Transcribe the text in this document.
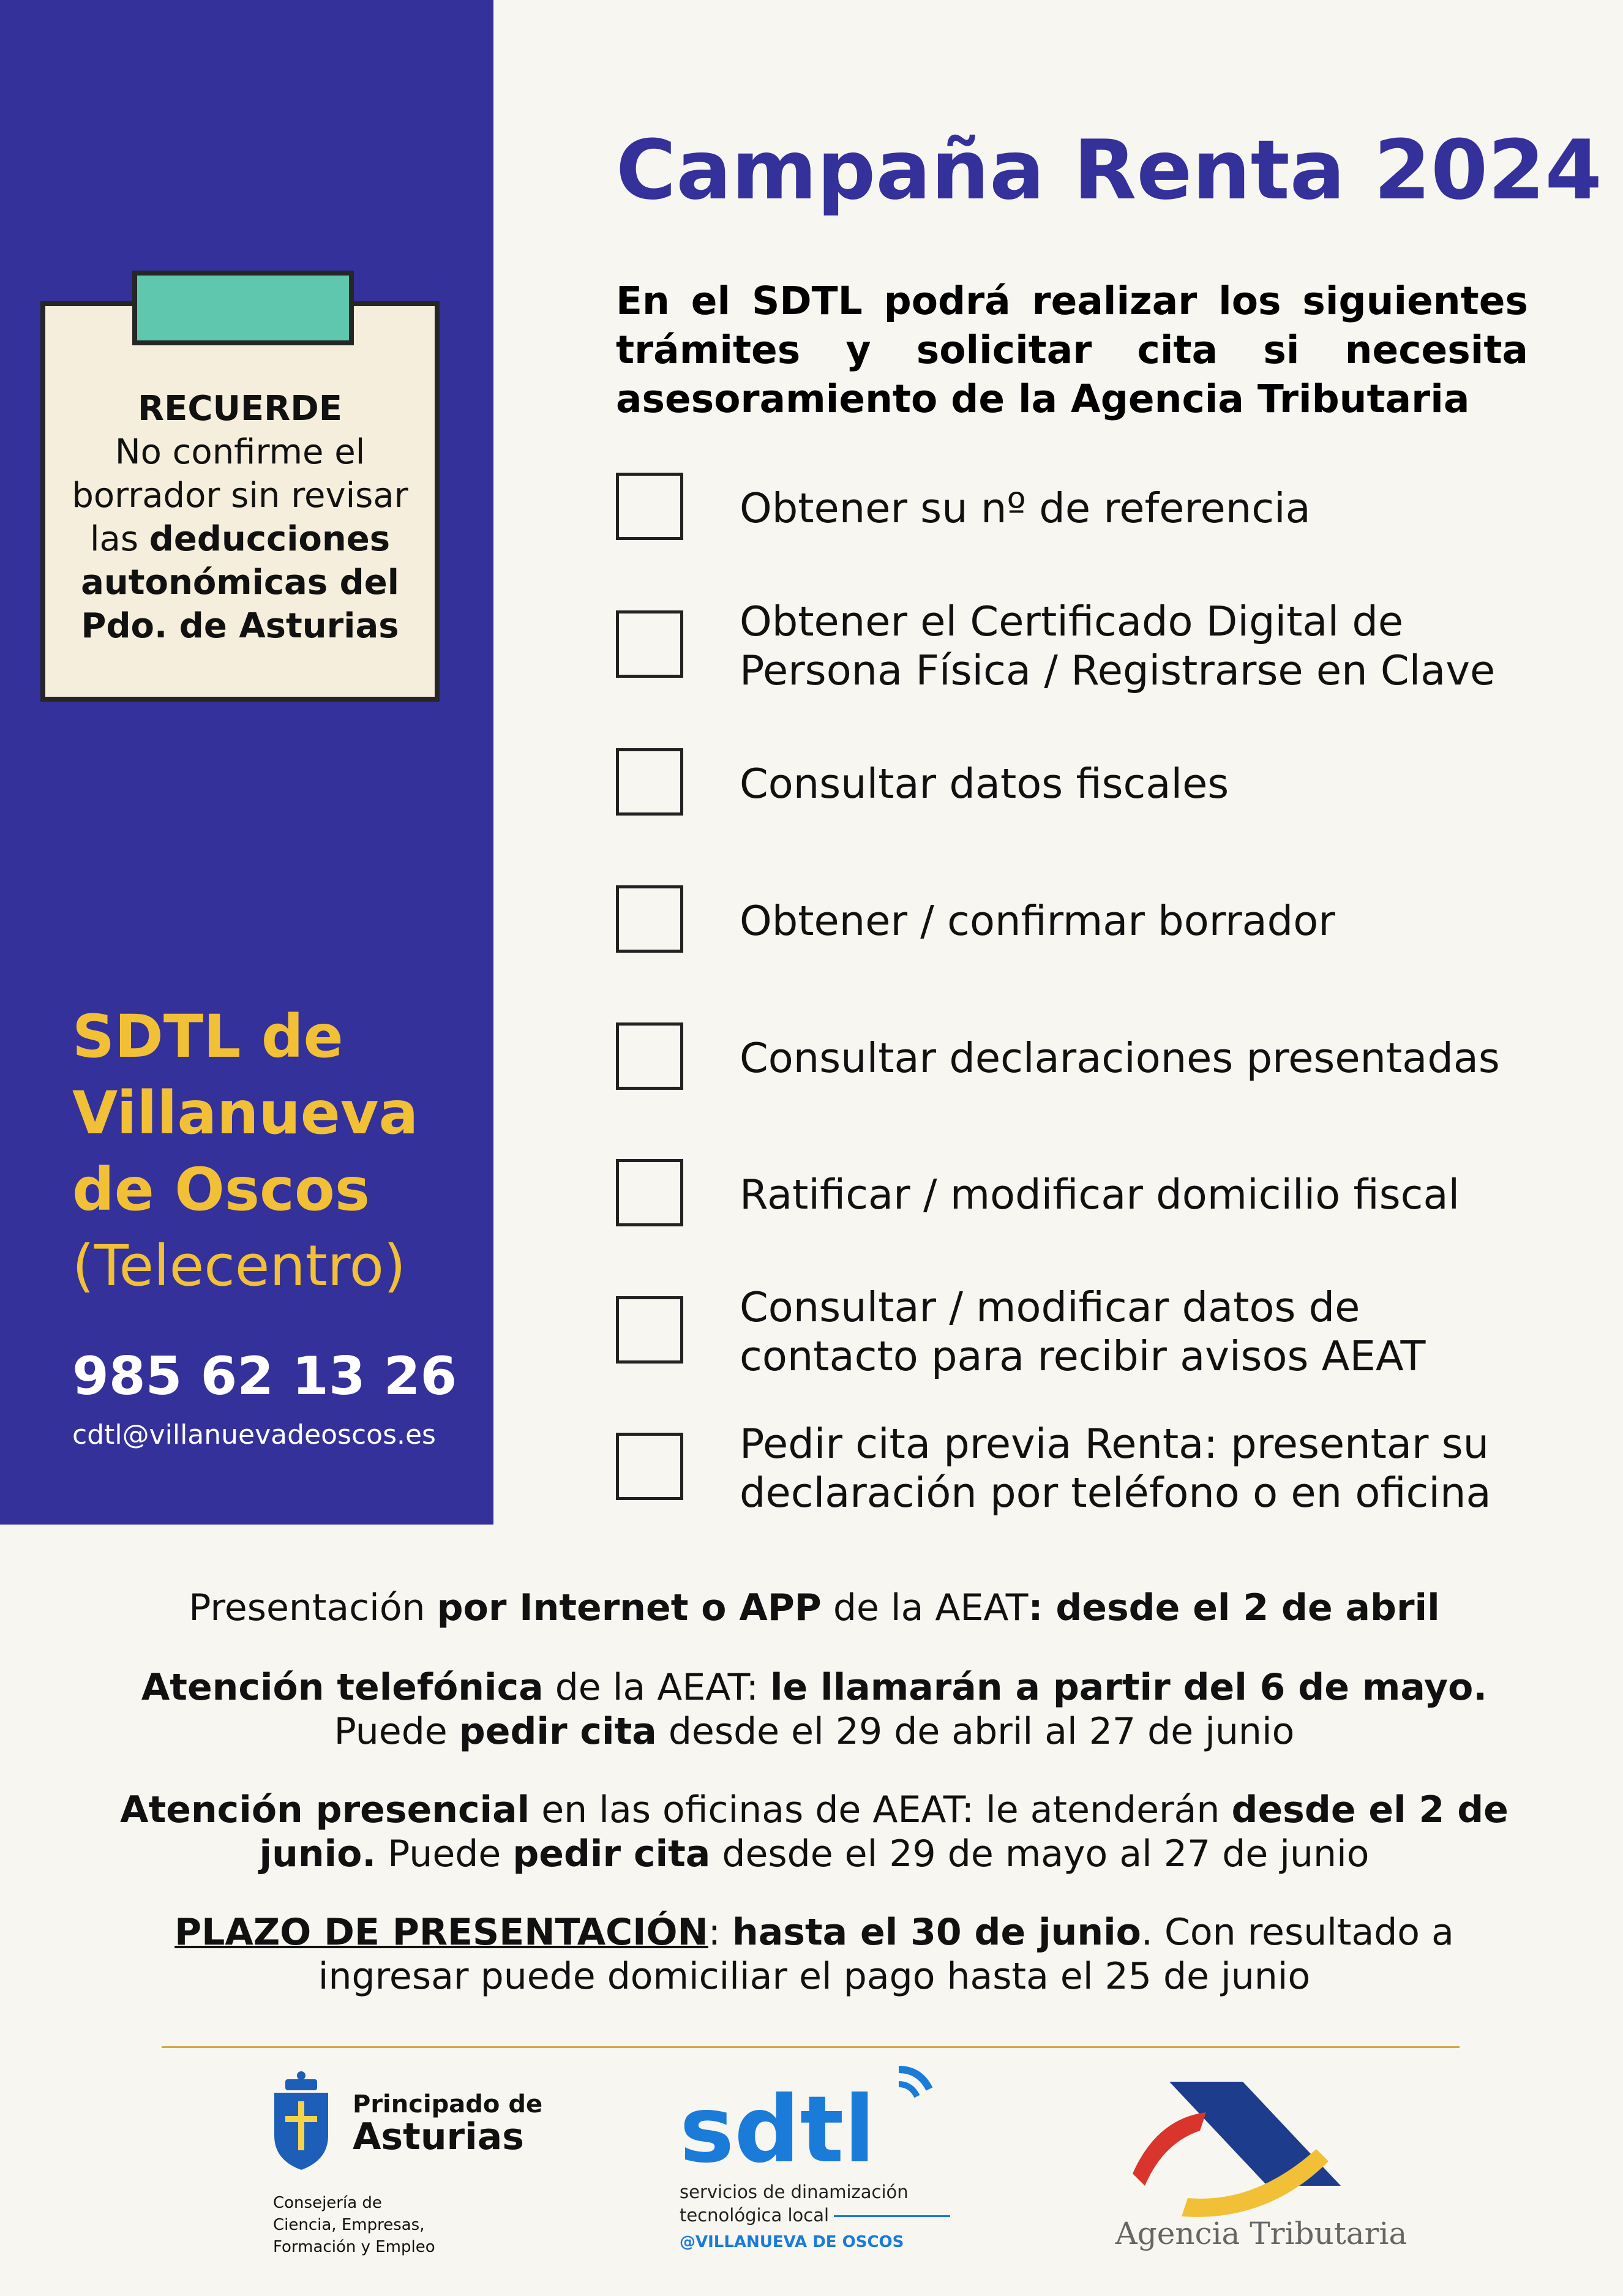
RECUERDE
No confirme el
borrador sin revisar
las deducciones
autonómicas del
Pdo. de Asturias
SDTL de
Villanueva
de Oscos
(Telecentro)
985 62 13 26
cdtl@villanuevadeoscos.es
Campaña Renta 2024
En el SDTL podrá realizar los siguientes trámites y solicitar cita si necesita asesoramiento de la Agencia Tributaria
Obtener su nº de referencia
Obtener el Certificado Digital de Persona Física / Registrarse en Clave
Consultar datos fiscales
Obtener / confirmar borrador
Consultar declaraciones presentadas
Ratificar / modificar domicilio fiscal
Consultar / modificar datos de contacto para recibir avisos AEAT
Pedir cita previa Renta: presentar su declaración por teléfono o en oficina
Presentación por Internet o APP de la AEAT: desde el 2 de abril
Atención telefónica de la AEAT: le llamarán a partir del 6 de mayo.
Puede pedir cita desde el 29 de abril al 27 de junio
Atención presencial en las oficinas de AEAT: le atenderán desde el 2 de junio. Puede pedir cita desde el 29 de mayo al 27 de junio
PLAZO DE PRESENTACIÓN: hasta el 30 de junio. Con resultado a ingresar puede domiciliar el pago hasta el 25 de junio
Principado de
Asturias
Consejería de
Ciencia, Empresas,
Formación y Empleo
sdtl
servicios de dinamización
tecnológica local
@VILLANUEVA DE OSCOS	Agencia Tributaria
